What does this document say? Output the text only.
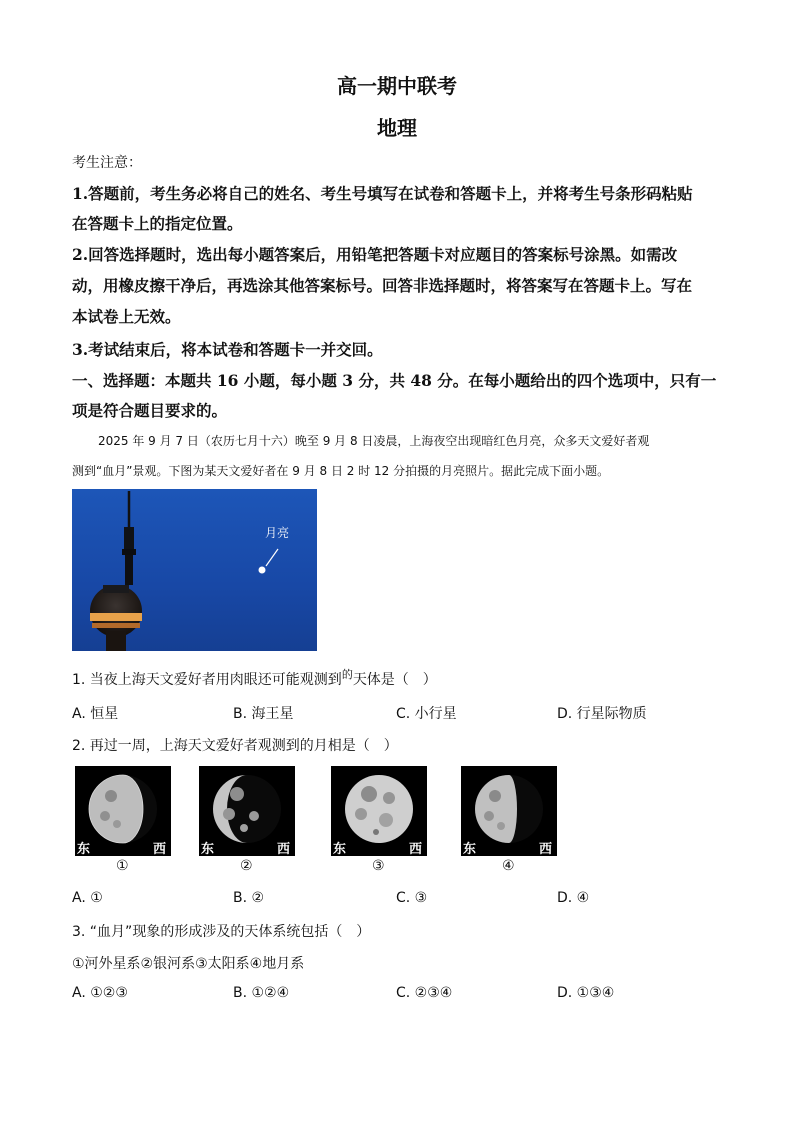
高一期中联考
地理
考生注意：
1.答题前，考生务必将自己的姓名、考生号填写在试卷和答题卡上，并将考生号条形码粘贴
在答题卡上的指定位置。
2.回答选择题时，选出每小题答案后，用铅笔把答题卡对应题目的答案标号涂黑。如需改
动，用橡皮擦干净后，再选涂其他答案标号。回答非选择题时，将答案写在答题卡上。写在
本试卷上无效。
3.考试结束后，将本试卷和答题卡一并交回。
一、选择题：本题共 16 小题，每小题 3 分，共 48 分。在每小题给出的四个选项中，只有一
项是符合题目要求的。
2025 年 9 月 7 日（农历七月十六）晚至 9 月 8 日凌晨，上海夜空出现暗红色月亮，众多天文爱好者观
测到“血月”景观。下图为某天文爱好者在 9 月 8 日 2 时 12 分拍摄的月亮照片。据此完成下面小题。
月亮
1. 当夜上海天文爱好者用肉眼还可能观测到$^的$天体是（　）
A. 恒星	B. 海王星	C. 小行星	D. 行星际物质
2. 再过一周，上海天文爱好者观测到的月相是（　）
东	西
①
东	西
②
东	西
③
东	西
④
A. ①	B. ②	C. ③	D. ④
3. “血月”现象的形成涉及的天体系统包括（　）
①河外星系②银河系③太阳系④地月系
A. ①②③	B. ①②④	C. ②③④	D. ①③④
